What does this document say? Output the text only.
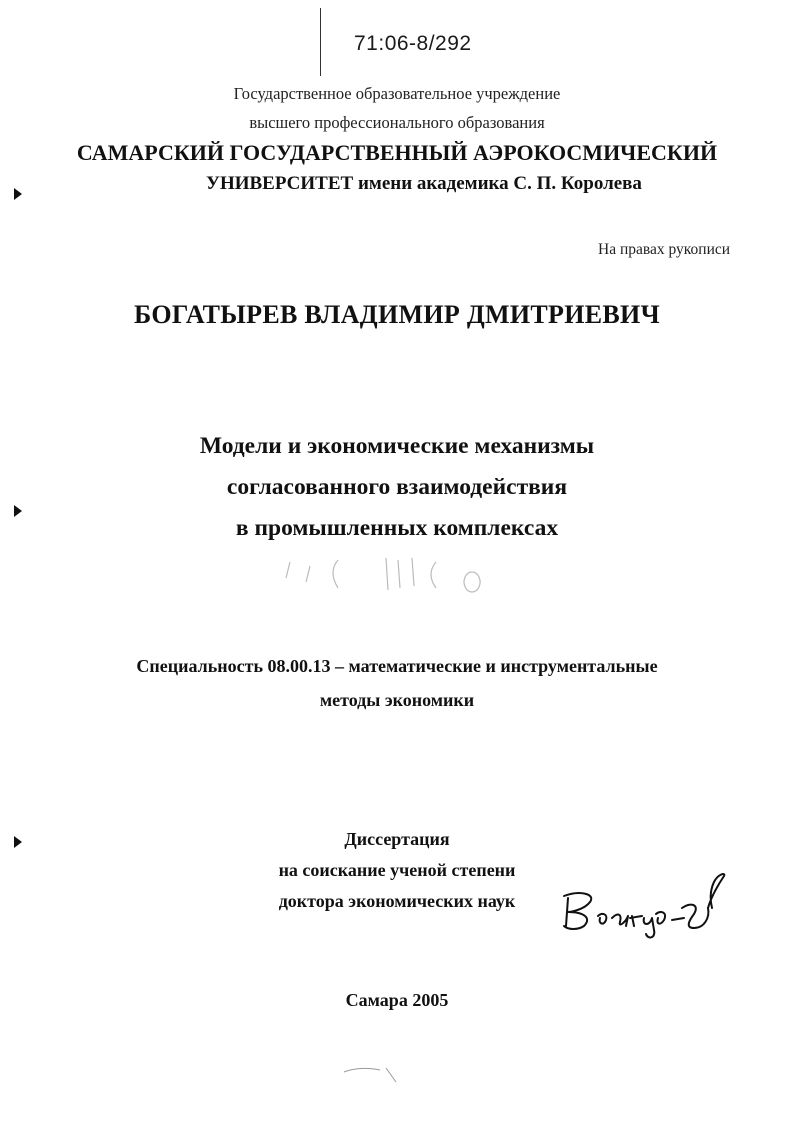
71:06-8/292
Государственное образовательное учреждение
высшего профессионального образования
САМАРСКИЙ ГОСУДАРСТВЕННЫЙ АЭРОКОСМИЧЕСКИЙ
УНИВЕРСИТЕТ имени академика С. П. Королева
На правах рукописи
БОГАТЫРЕВ ВЛАДИМИР ДМИТРИЕВИЧ
Модели и экономические механизмы
согласованного взаимодействия
в промышленных комплексах
Специальность 08.00.13 – математические и инструментальные
методы экономики
Диссертация
на соискание ученой степени
доктора экономических наук
Самара 2005
